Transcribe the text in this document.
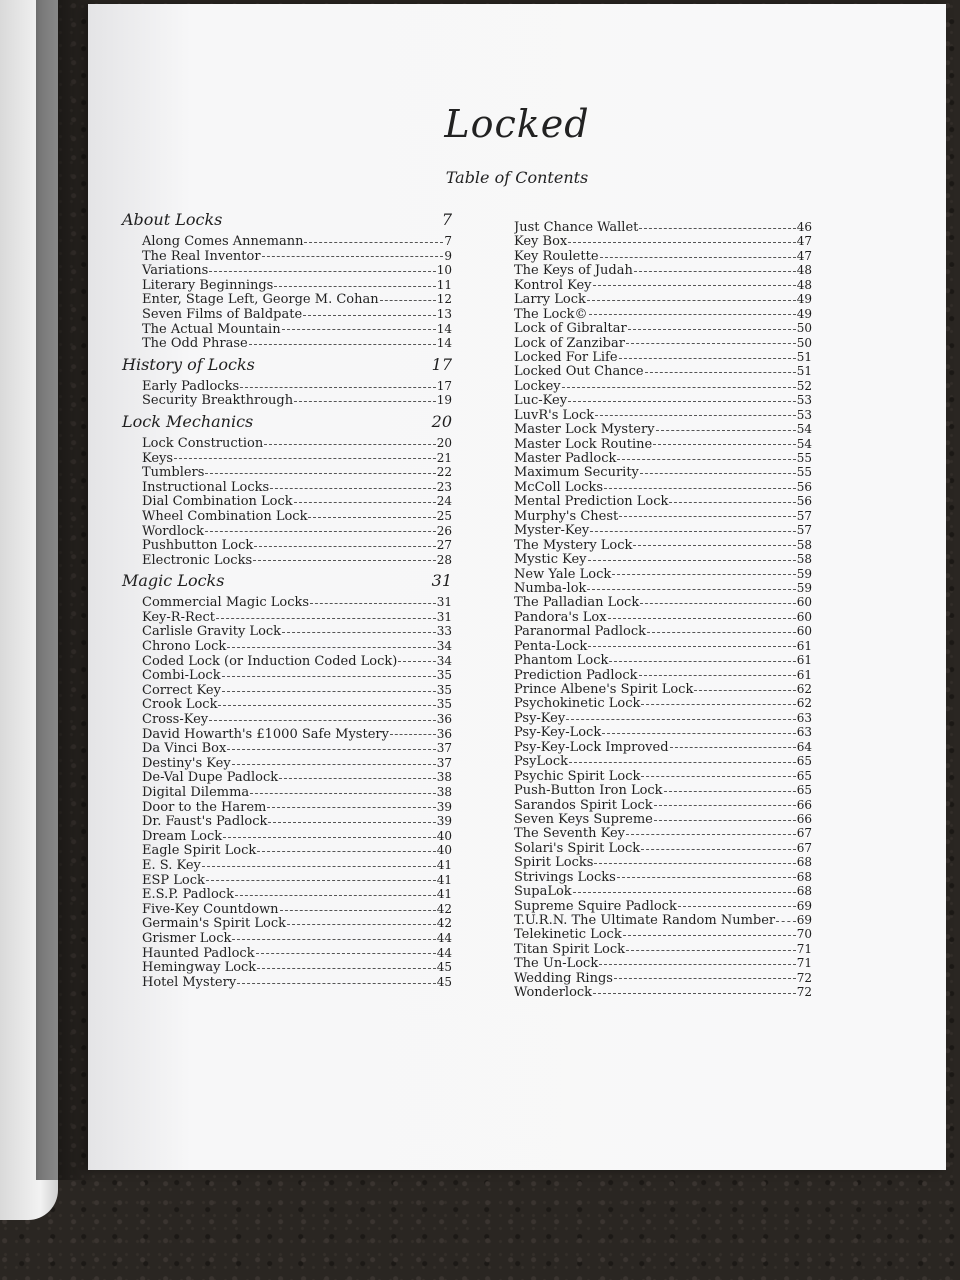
Locked
Table of Contents
About Locks	7
Along Comes Annemann	7
The Real Inventor	9
Variations	10
Literary Beginnings	11
Enter, Stage Left, George M. Cohan	12
Seven Films of Baldpate	13
The Actual Mountain	14
The Odd Phrase	14
History of Locks	17
Early Padlocks	17
Security Breakthrough	19
Lock Mechanics	20
Lock Construction	20
Keys	21
Tumblers	22
Instructional Locks	23
Dial Combination Lock	24
Wheel Combination Lock	25
Wordlock	26
Pushbutton Lock	27
Electronic Locks	28
Magic Locks	31
Commercial Magic Locks	31
Key-R-Rect	31
Carlisle Gravity Lock	33
Chrono Lock	34
Coded Lock (or Induction Coded Lock)	34
Combi-Lock	35
Correct Key	35
Crook Lock	35
Cross-Key	36
David Howarth's £1000 Safe Mystery	36
Da Vinci Box	37
Destiny's Key	37
De-Val Dupe Padlock	38
Digital Dilemma	38
Door to the Harem	39
Dr. Faust's Padlock	39
Dream Lock	40
Eagle Spirit Lock	40
E. S. Key	41
ESP Lock	41
E.S.P. Padlock	41
Five-Key Countdown	42
Germain's Spirit Lock	42
Grismer Lock	44
Haunted Padlock	44
Hemingway Lock	45
Hotel Mystery	45
Just Chance Wallet	46
Key Box	47
Key Roulette	47
The Keys of Judah	48
Kontrol Key	48
Larry Lock	49
The Lock©	49
Lock of Gibraltar	50
Lock of Zanzibar	50
Locked For Life	51
Locked Out Chance	51
Lockey	52
Luc-Key	53
LuvR's Lock	53
Master Lock Mystery	54
Master Lock Routine	54
Master Padlock	55
Maximum Security	55
McColl Locks	56
Mental Prediction Lock	56
Murphy's Chest	57
Myster-Key	57
The Mystery Lock	58
Mystic Key	58
New Yale Lock	59
Numba-lok	59
The Palladian Lock	60
Pandora's Lox	60
Paranormal Padlock	60
Penta-Lock	61
Phantom Lock	61
Prediction Padlock	61
Prince Albene's Spirit Lock	62
Psychokinetic Lock	62
Psy-Key	63
Psy-Key-Lock	63
Psy-Key-Lock Improved	64
PsyLock	65
Psychic Spirit Lock	65
Push-Button Iron Lock	65
Sarandos Spirit Lock	66
Seven Keys Supreme	66
The Seventh Key	67
Solari's Spirit Lock	67
Spirit Locks	68
Strivings Locks	68
SupaLok	68
Supreme Squire Padlock	69
T.U.R.N. The Ultimate Random Number 69
Telekinetic Lock	70
Titan Spirit Lock	71
The Un-Lock	71
Wedding Rings	72
Wonderlock	72
